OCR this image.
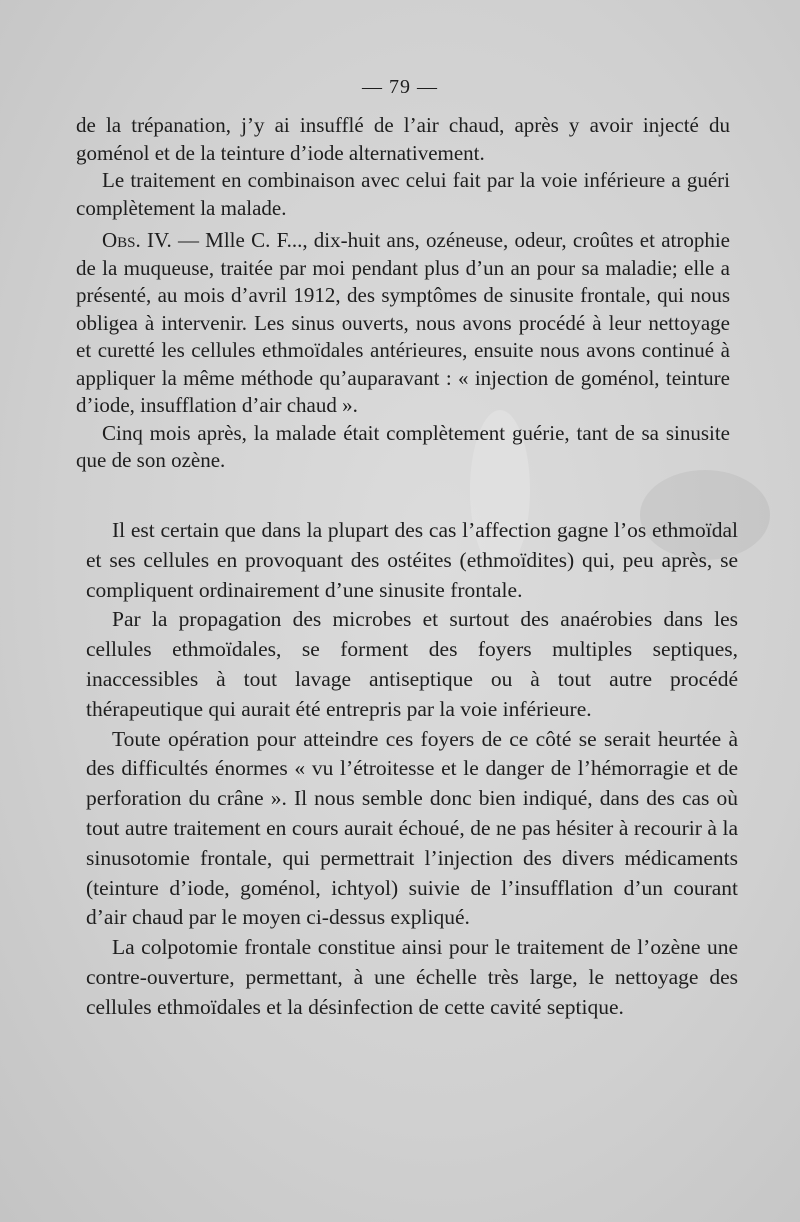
— 79 —

de la trépanation, j’y ai insufflé de l’air chaud, après y avoir injecté du goménol et de la teinture d’iode alternativement.

Le traitement en combinaison avec celui fait par la voie inférieure a guéri complètement la malade.

Obs. IV. — Mlle C. F..., dix-huit ans, ozéneuse, odeur, croûtes et atrophie de la muqueuse, traitée par moi pendant plus d’un an pour sa maladie; elle a présenté, au mois d’avril 1912, des symptômes de sinusite frontale, qui nous obligea à intervenir. Les sinus ouverts, nous avons procédé à leur nettoyage et curetté les cellules ethmoïdales antérieures, ensuite nous avons continué à appliquer la même méthode qu’auparavant : « injection de goménol, teinture d’iode, insufflation d’air chaud ».

Cinq mois après, la malade était complètement guérie, tant de sa sinusite que de son ozène.

Il est certain que dans la plupart des cas l’affection gagne l’os ethmoïdal et ses cellules en provoquant des ostéites (ethmoïdites) qui, peu après, se compliquent ordinairement d’une sinusite frontale.

Par la propagation des microbes et surtout des anaérobies dans les cellules ethmoïdales, se forment des foyers multiples septiques, inaccessibles à tout lavage antiseptique ou à tout autre procédé thérapeutique qui aurait été entrepris par la voie inférieure.

Toute opération pour atteindre ces foyers de ce côté se serait heurtée à des difficultés énormes « vu l’étroitesse et le danger de l’hémorragie et de perforation du crâne ». Il nous semble donc bien indiqué, dans des cas où tout autre traitement en cours aurait échoué, de ne pas hésiter à recourir à la sinusotomie frontale, qui permettrait l’injection des divers médicaments (teinture d’iode, goménol, ichtyol) suivie de l’insufflation d’un courant d’air chaud par le moyen ci-dessus expliqué.

La colpotomie frontale constitue ainsi pour le traitement de l’ozène une contre-ouverture, permettant, à une échelle très large, le nettoyage des cellules ethmoïdales et la désinfection de cette cavité septique.
